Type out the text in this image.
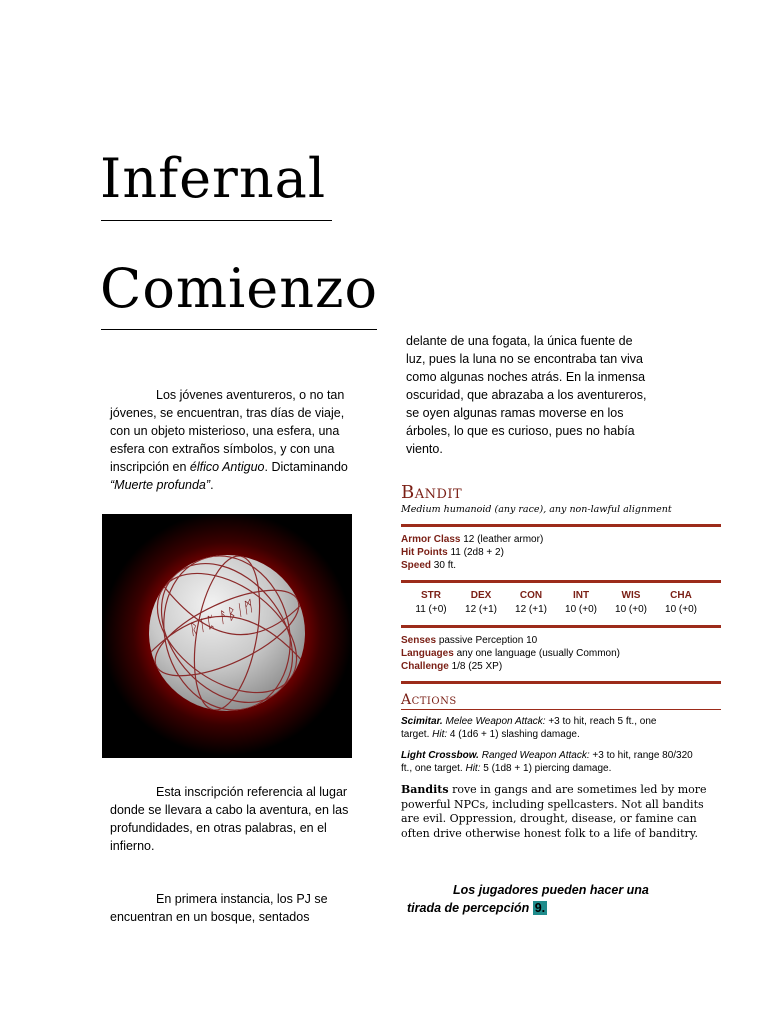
Infernal
Comienzo
Los jóvenes aventureros, o no tan
jóvenes, se encuentran, tras días de viaje,
con un objeto misterioso, una esfera, una
esfera con extraños símbolos, y con una
inscripción en élfico Antiguo. Dictaminando
“Muerte profunda”.
ᚱᛁᛈ ᚨᛒᛁᛗ
Esta inscripción referencia al lugar
donde se llevara a cabo la aventura, en las
profundidades, en otras palabras, en el
infierno.
En primera instancia, los PJ se
encuentran en un bosque, sentados
delante de una fogata, la única fuente de
luz, pues la luna no se encontraba tan viva
como algunas noches atrás. En la inmensa
oscuridad, que abrazaba a los aventureros,
se oyen algunas ramas moverse en los
árboles, lo que es curioso, pues no había
viento.
Bandit
Medium humanoid (any race), any non-lawful alignment
Armor Class 12 (leather armor)
Hit Points 11 (2d8 + 2)
Speed 30 ft.
STR
11 (+0)
DEX
12 (+1)
CON
12 (+1)
INT
10 (+0)
WIS
10 (+0)
CHA
10 (+0)
Senses passive Perception 10
Languages any one language (usually Common)
Challenge 1/8 (25 XP)
Actions
Scimitar. Melee Weapon Attack: +3 to hit, reach 5 ft., one
target. Hit: 4 (1d6 + 1) slashing damage.
Light Crossbow. Ranged Weapon Attack: +3 to hit, range 80/320
ft., one target. Hit: 5 (1d8 + 1) piercing damage.
Bandits rove in gangs and are sometimes led by more
powerful NPCs, including spellcasters. Not all bandits
are evil. Oppression, drought, disease, or famine can
often drive otherwise honest folk to a life of banditry.
Los jugadores pueden hacer una
tirada de percepción 9.
